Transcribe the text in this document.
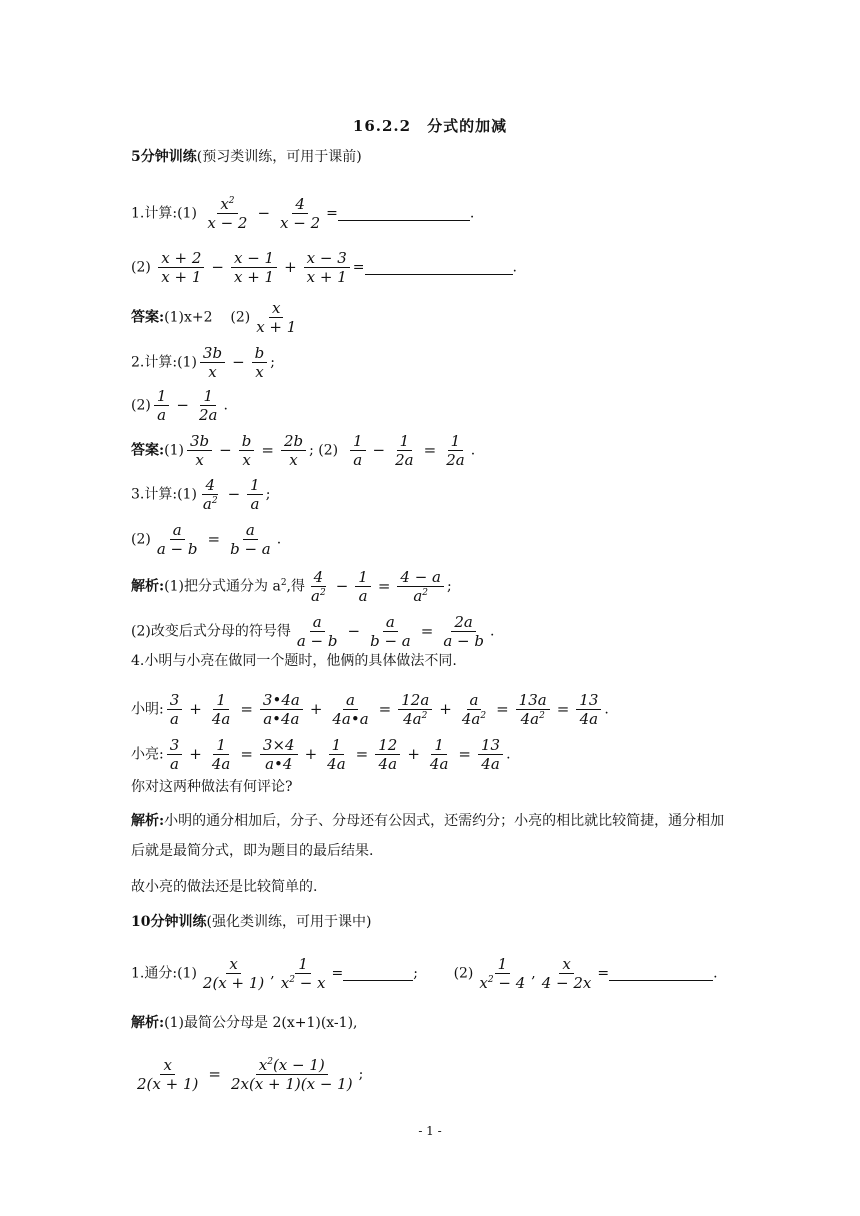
16.2.2　分式的加减
5分钟训练(预习类训练，可用于课前)
1.计算:(1) $\frac{x^2}{x - 2} - \frac{4}{x - 2}$ =	.
$(2) \frac{x + 2}{x + 1} - \frac{x - 1}{x + 1} + \frac{x - 3}{x + 1}$ =	.
答案:(1)x+2 $(2) \frac{x}{x + 1}$
2.计算:(1) $\frac{3b}{x} - \frac{b}{x}$ ;
$(2) \frac{1}{a} - \frac{1}{2a}$ .
答案:(1) $\frac{3b}{x} - \frac{b}{x} = \frac{2b}{x}$ ; $(2) \frac{1}{a} - \frac{1}{2a} = \frac{1}{2a}$ .
3.计算:(1) $\frac{4}{a^2} - \frac{1}{a}$ ;
$(2) \frac{a}{a - b} = \frac{a}{b - a}$ .
解析:(1)把分式通分为 $a^2$,得 $\frac{4}{a^2} - \frac{1}{a} = \frac{4 - a}{a^2}$ ;
(2)改变后式分母的符号得 $\frac{a}{a - b} - \frac{a}{b - a} = \frac{2a}{a - b}$ .
4.小明与小亮在做同一个题时，他俩的具体做法不同.
小明: $\frac{3}{a} + \frac{1}{4a} = \frac{3•4a}{a•4a} + \frac{a}{4a•a} = \frac{12a}{4a^2} + \frac{a}{4a^2} = \frac{13a}{4a^2} = \frac{13}{4a}$ .
小亮: $\frac{3}{a} + \frac{1}{4a} = \frac{3\times 4}{a•4} + \frac{1}{4a} = \frac{12}{4a} + \frac{1}{4a} = \frac{13}{4a}$ .
你对这两种做法有何评论?
解析:小明的通分相加后，分子、分母还有公因式，还需约分；小亮的相比就比较简捷，通分相加后就是最简分式，即为题目的最后结果.
故小亮的做法还是比较简单的.
10分钟训练(强化类训练，可用于课中)
1.通分:(1) $\frac{x}{2(x + 1)}$ , $\frac{1}{x^2 - x}$ =	;        $(2) \frac{1}{x^2 - 4}$ , $\frac{x}{4 - 2x}$ =	.
解析:(1)最简公分母是 2(x+1)(x-1),
$\frac{x}{2(x + 1)} = \frac{x^2(x - 1)}{2x(x + 1)(x - 1)}$ ;
- 1 -
